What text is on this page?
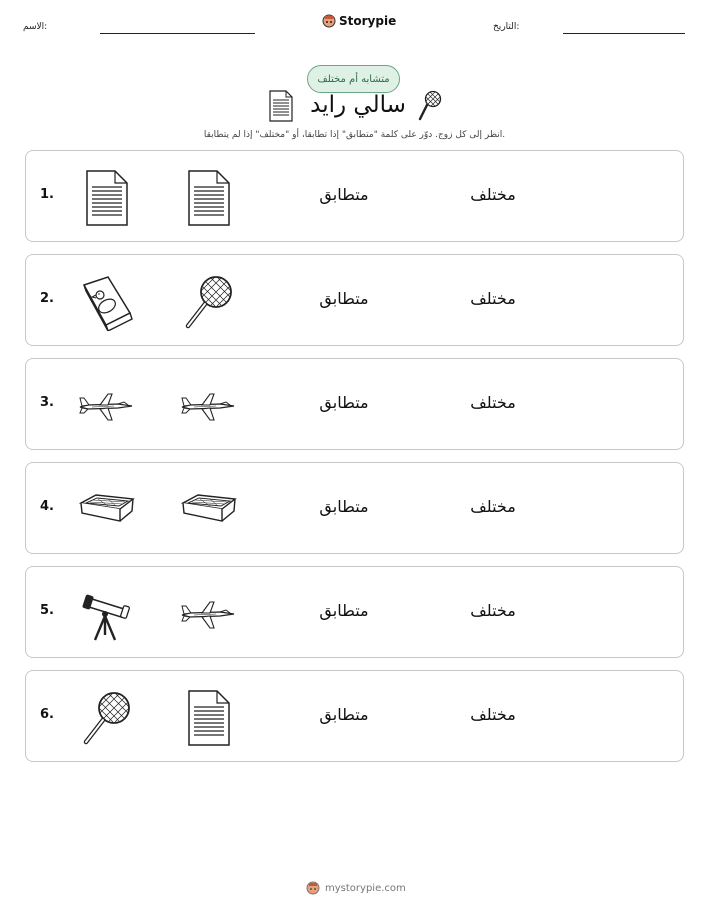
الاسم:	Storypie	التاريخ:
متشابه أم مختلف
سالي رايد
انظر إلى كل زوج. دوّر على كلمة "متطابق" إذا تطابقا، أو "مختلف" إذا لم يتطابقا.
1.	متطابق	مختلف
2.	متطابق	مختلف
3.	متطابق	مختلف
4.	متطابق	مختلف
5.	متطابق	مختلف
6.	متطابق	مختلف
mystorypie.com
